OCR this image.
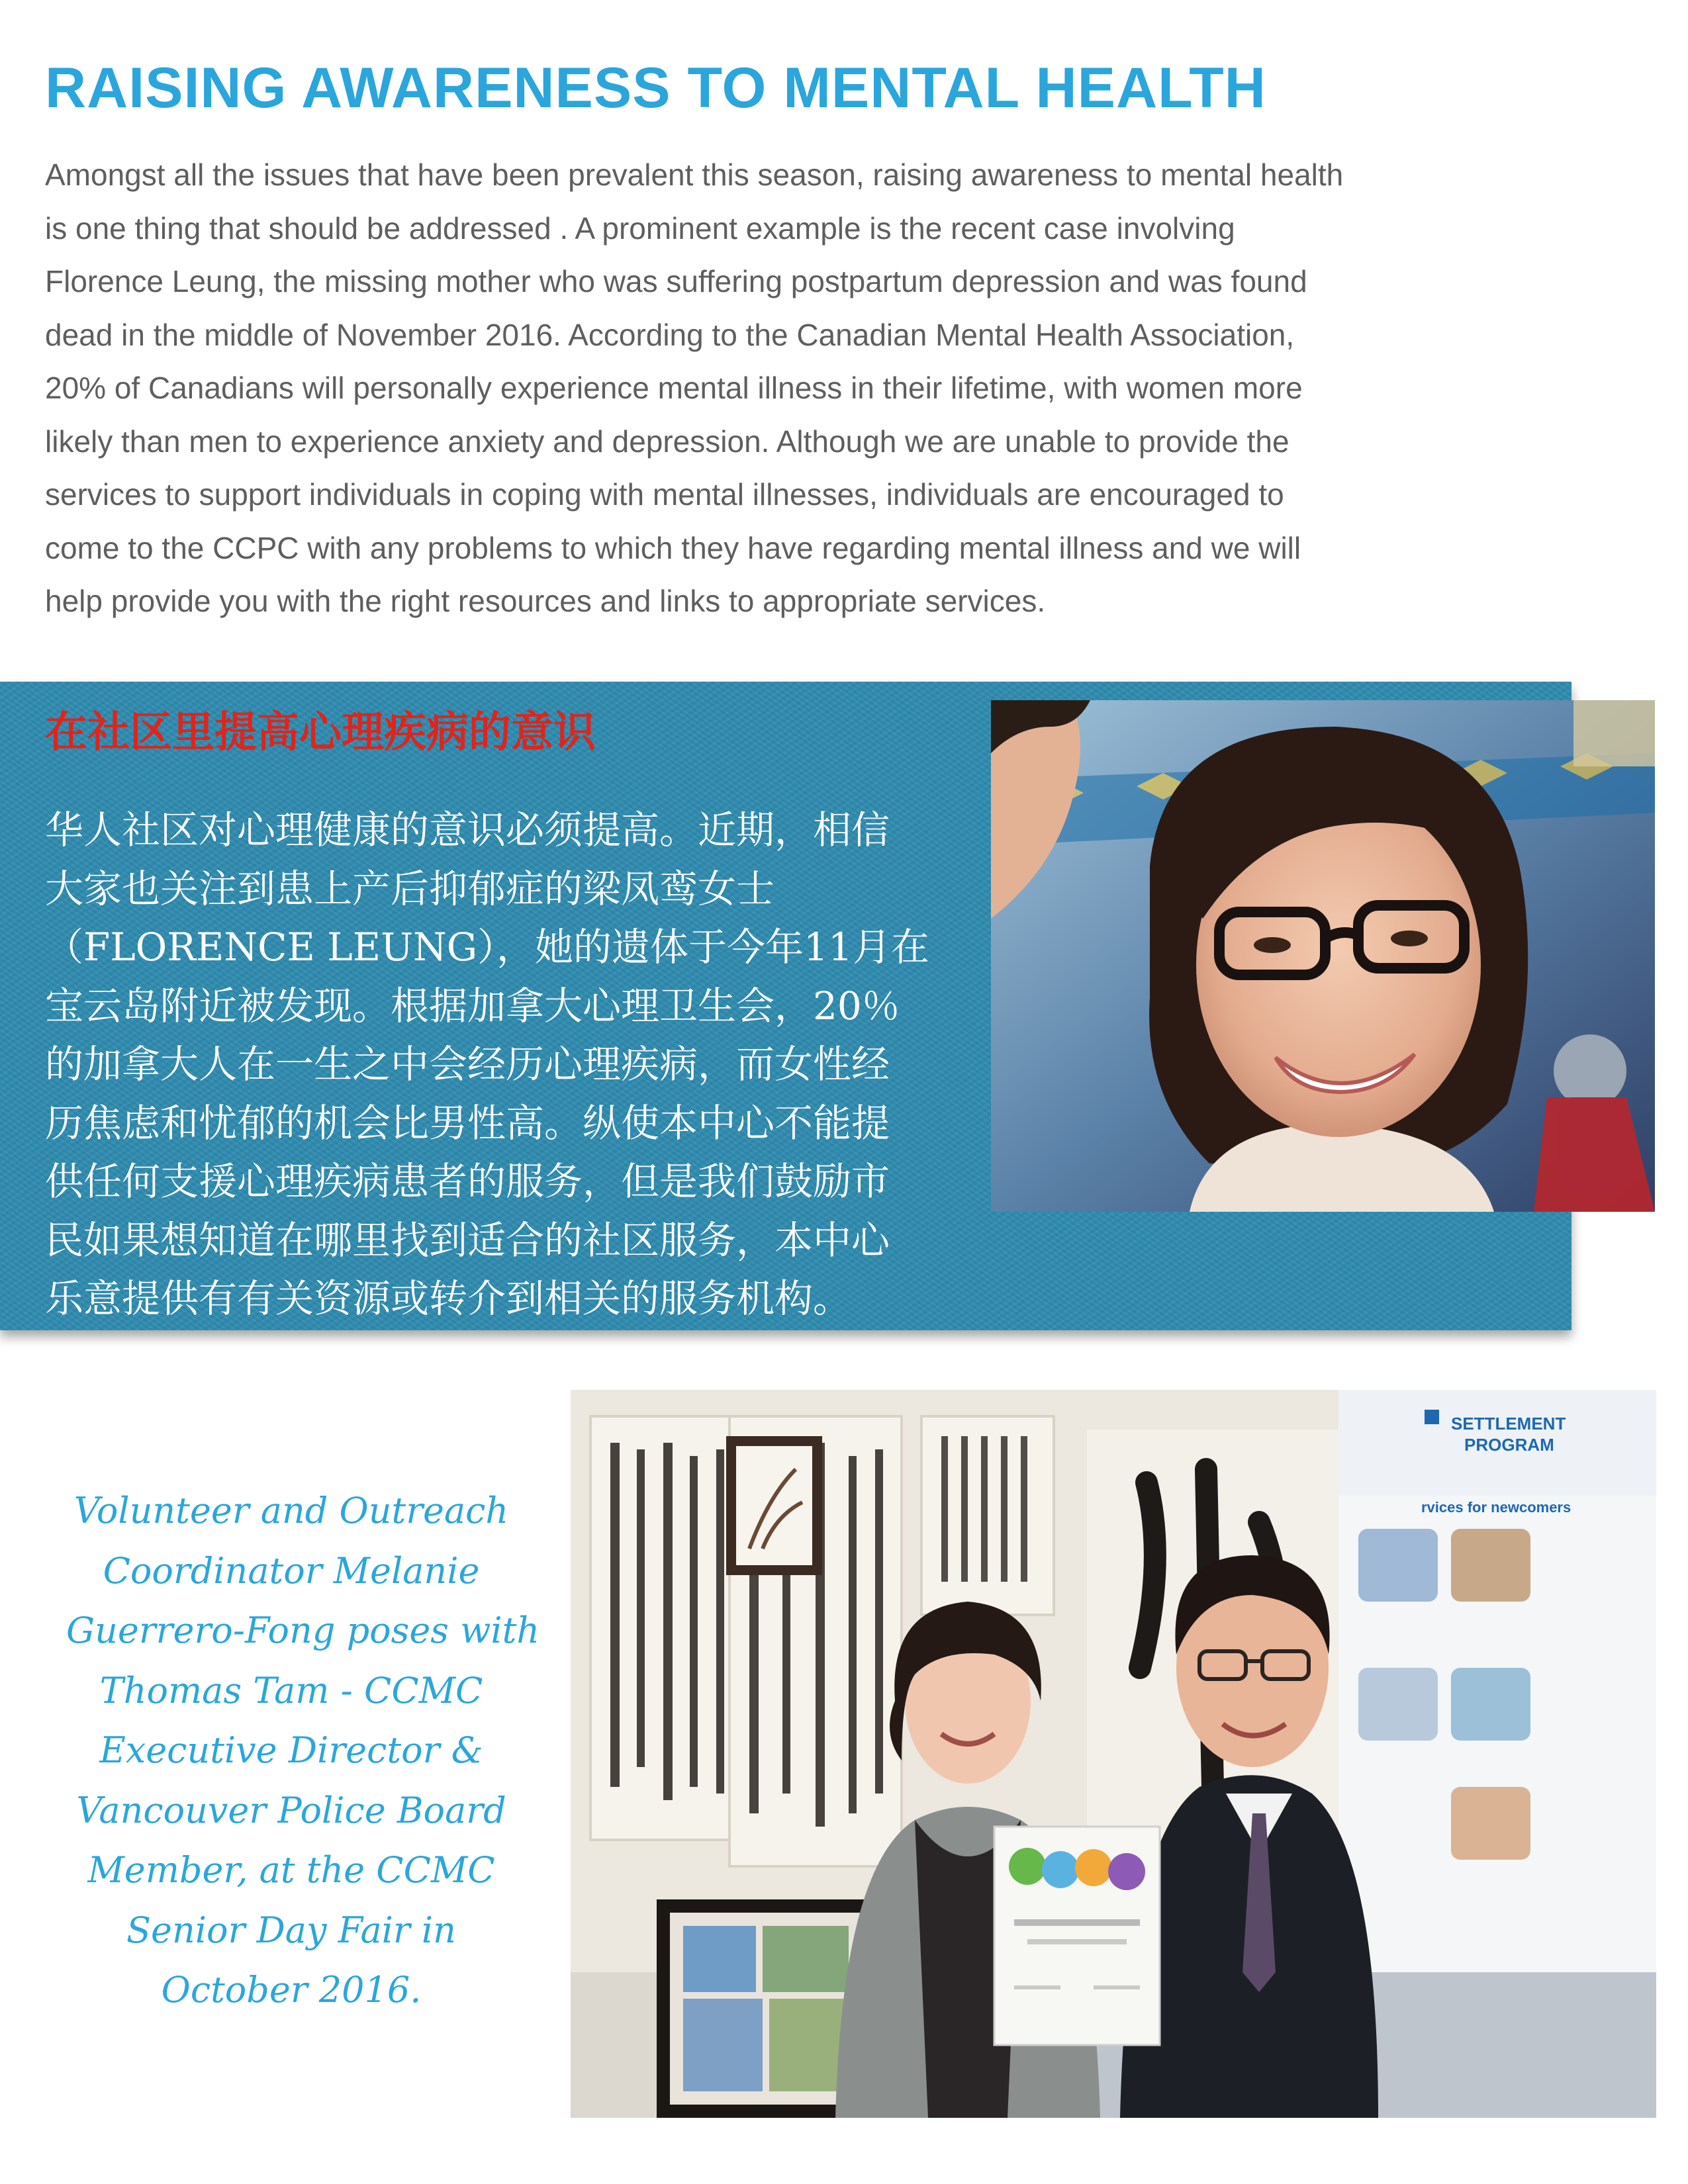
RAISING AWARENESS TO MENTAL HEALTH
Amongst all the issues that have been prevalent this season, raising awareness to mental health
is one thing that should be addressed . A prominent example is the recent case involving
Florence Leung, the missing mother who was suffering postpartum depression and was found
dead in the middle of November 2016. According to the Canadian Mental Health Association,
20% of Canadians will personally experience mental illness in their lifetime, with women more
likely than men to experience anxiety and depression. Although we are unable to provide the
services to support individuals in coping with mental illnesses, individuals are encouraged to
come to the CCPC with any problems to which they have regarding mental illness and we will
help provide you with the right resources and links to appropriate services.
在社区里提高心理疾病的意识
华人社区对心理健康的意识必须提高。近期，相信
大家也关注到患上产后抑郁症的梁凤鸾女士
（FLORENCE LEUNG），她的遗体于今年11月在
宝云岛附近被发现。根据加拿大心理卫生会，20％
的加拿大人在一生之中会经历心理疾病，而女性经
历焦虑和忧郁的机会比男性高。纵使本中心不能提
供任何支援心理疾病患者的服务，但是我们鼓励市
民如果想知道在哪里找到适合的社区服务，本中心
乐意提供有有关资源或转介到相关的服务机构。
Volunteer and Outreach
Coordinator Melanie
Guerrero-Fong poses with
Thomas Tam - CCMC
Executive Director &
Vancouver Police Board
Member, at the CCMC
Senior Day Fair in
October 2016.
SETTLEMENT
PROGRAM
rvices for newcomers
